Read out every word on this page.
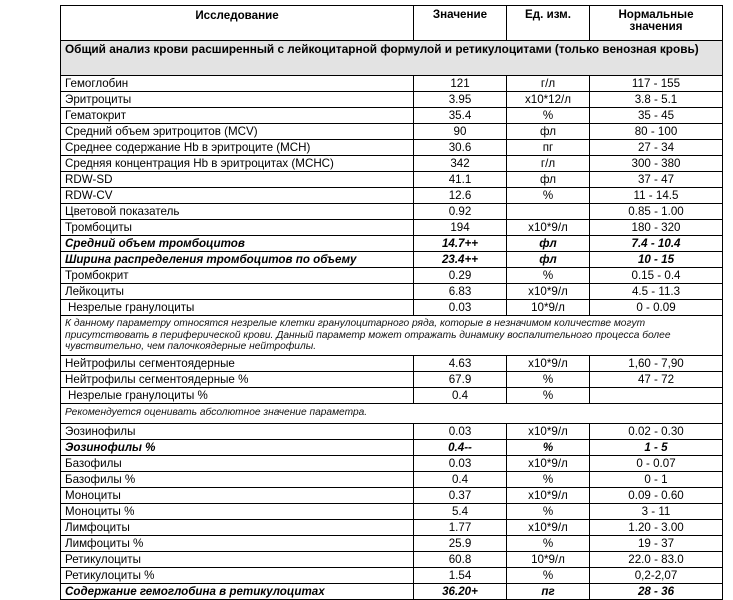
Исследование	Значение	Ед. изм.	Нормальные значения
Общий анализ крови расширенный с лейкоцитарной формулой и ретикулоцитами (только венозная кровь)			
Гемоглобин	121	г/л	117 - 155
Эритроциты	3.95	х10*12/л	3.8 - 5.1
Гематокрит	35.4	%	35 - 45
Средний объем эритроцитов (MCV)	90	фл	80 - 100
Среднее содержание Hb в эритроците (MCH)	30.6	пг	27 - 34
Средняя концентрация Hb в эритроцитах (MCHC)	342	г/л	300 - 380
RDW-SD	41.1	фл	37 - 47
RDW-CV	12.6	%	11 - 14.5
Цветовой показатель	0.92		0.85 - 1.00
Тромбоциты	194	х10*9/л	180 - 320
Средний объем тромбоцитов	14.7++	фл	7.4 - 10.4
Ширина распределения тромбоцитов по объему	23.4++	фл	10 - 15
Тромбокрит	0.29	%	0.15 - 0.4
Лейкоциты	6.83	х10*9/л	4.5 - 11.3
Незрелые гранулоциты	0.03	10*9/л	0 - 0.09
К данному параметру относятся незрелые клетки гранулоцитарного ряда, которые в незначимом количестве могут присутствовать в периферической крови. Данный параметр может отражать динамику воспалительного процесса более чувствительно, чем палочкоядерные нейтрофилы.			
Нейтрофилы сегментоядерные	4.63	х10*9/л	1,60 - 7,90
Нейтрофилы сегментоядерные %	67.9	%	47 - 72
Незрелые гранулоциты %	0.4	%	
Рекомендуется оценивать абсолютное значение параметра.			
Эозинофилы	0.03	х10*9/л	0.02 - 0.30
Эозинофилы %	0.4--	%	1 - 5
Базофилы	0.03	х10*9/л	0 - 0.07
Базофилы %	0.4	%	0 - 1
Моноциты	0.37	х10*9/л	0.09 - 0.60
Моноциты %	5.4	%	3 - 11
Лимфоциты	1.77	х10*9/л	1.20 - 3.00
Лимфоциты %	25.9	%	19 - 37
Ретикулоциты	60.8	10*9/л	22.0 - 83.0
Ретикулоциты %	1.54	%	0,2-2,07
Содержание гемоглобина в ретикулоцитах	36.20+	пг	28 - 36
